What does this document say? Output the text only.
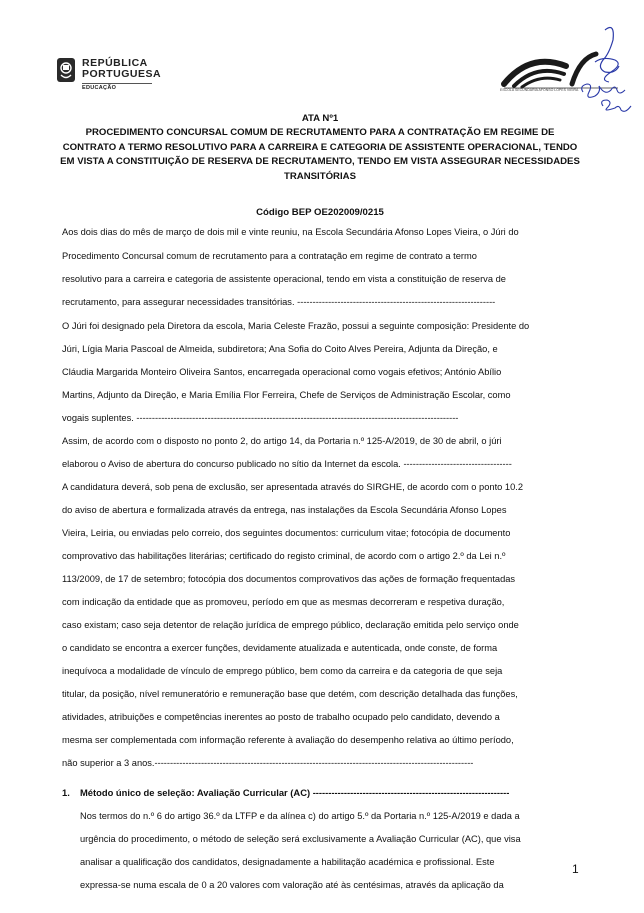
REPÚBLICA
PORTUGUESA
EDUCAÇÃO	ESCOLA SECUNDÁRIA AFONSO LOPES VIEIRA
ATA Nº1
PROCEDIMENTO CONCURSAL COMUM DE RECRUTAMENTO PARA A CONTRATAÇÃO EM REGIME DE
CONTRATO A TERMO RESOLUTIVO PARA A CARREIRA E CATEGORIA DE ASSISTENTE OPERACIONAL, TENDO
EM VISTA A CONSTITUIÇÃO DE RESERVA DE RECRUTAMENTO, TENDO EM VISTA ASSEGURAR NECESSIDADES
TRANSITÓRIAS
Código BEP OE202009/0215
Aos dois dias do mês de março de dois mil e vinte reuniu, na Escola Secundária Afonso Lopes Vieira, o Júri do
Procedimento Concursal comum de recrutamento para a contratação em regime de contrato a termo
resolutivo para a carreira e categoria de assistente operacional, tendo em vista a constituição de reserva de
recrutamento, para assegurar necessidades transitórias. ----------------------------------------------------------------
O Júri foi designado pela Diretora da escola, Maria Celeste Frazão, possui a seguinte composição: Presidente do
Júri, Lígia Maria Pascoal de Almeida, subdiretora; Ana Sofia do Coito Alves Pereira, Adjunta da Direção, e
Cláudia Margarida Monteiro Oliveira Santos, encarregada operacional como vogais efetivos; António Abílio
Martins, Adjunto da Direção, e Maria Emília Flor Ferreira, Chefe de Serviços de Administração Escolar, como
vogais suplentes. --------------------------------------------------------------------------------------------------------
Assim, de acordo com o disposto no ponto 2, do artigo 14, da Portaria n.º 125-A/2019, de 30 de abril, o júri
elaborou o Aviso de abertura do concurso publicado no sítio da Internet da escola. -----------------------------------
A candidatura deverá, sob pena de exclusão, ser apresentada através do SIRGHE, de acordo com o ponto 10.2
do aviso de abertura e formalizada através da entrega, nas instalações da Escola Secundária Afonso Lopes
Vieira, Leiria, ou enviadas pelo correio, dos seguintes documentos: curriculum vitae; fotocópia de documento
comprovativo das habilitações literárias; certificado do registo criminal, de acordo com o artigo 2.º da Lei n.º
113/2009, de 17 de setembro; fotocópia dos documentos comprovativos das ações de formação frequentadas
com indicação da entidade que as promoveu, período em que as mesmas decorreram e respetiva duração,
caso existam; caso seja detentor de relação jurídica de emprego público, declaração emitida pelo serviço onde
o candidato se encontra a exercer funções, devidamente atualizada e autenticada, onde conste, de forma
inequívoca a modalidade de vínculo de emprego público, bem como da carreira e da categoria de que seja
titular, da posição, nível remuneratório e remuneração base que detém, com descrição detalhada das funções,
atividades, atribuições e competências inerentes ao posto de trabalho ocupado pelo candidato, devendo a
mesma ser complementada com informação referente à avaliação do desempenho relativa ao último período,
não superior a 3 anos.-------------------------------------------------------------------------------------------------------
1. Método único de seleção: Avaliação Curricular (AC) ---------------------------------------------------------------
Nos termos do n.º 6 do artigo 36.º da LTFP e da alínea c) do artigo 5.º da Portaria n.º 125-A/2019 e dada a
urgência do procedimento, o método de seleção será exclusivamente a Avaliação Curricular (AC), que visa
analisar a qualificação dos candidatos, designadamente a habilitação académica e profissional. Este
expressa-se numa escala de 0 a 20 valores com valoração até às centésimas, através da aplicação da
1
